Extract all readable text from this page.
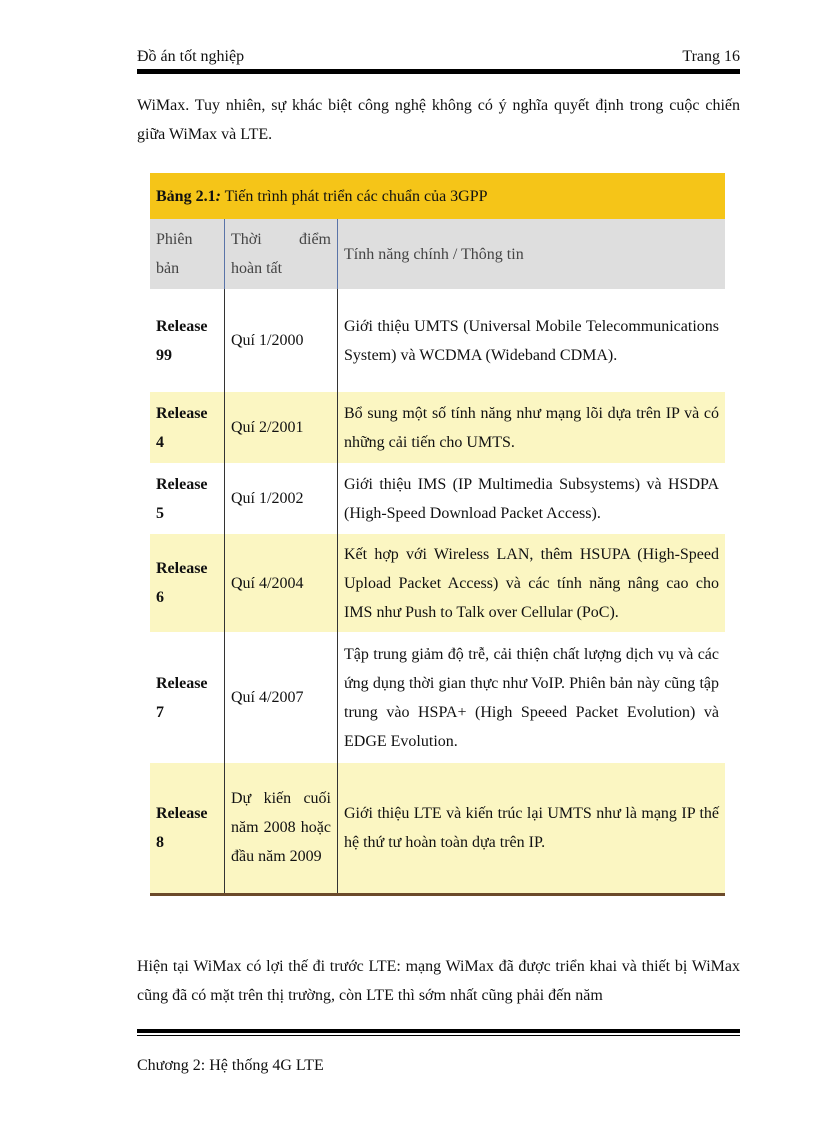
Đồ án tốt nghiệp	Trang 16
WiMax. Tuy nhiên, sự khác biệt công nghệ không có ý nghĩa quyết định trong cuộc chiến giữa WiMax và LTE.
Bảng 2.1: Tiến trình phát triển các chuẩn của 3GPP		
Phiên bản	Thời điểm hoàn tất	Tính năng chính / Thông tin
Release 99	Quí 1/2000	Giới thiệu UMTS (Universal Mobile Telecommunications System) và WCDMA (Wideband CDMA).
Release 4	Quí 2/2001	Bổ sung một số tính năng như mạng lõi dựa trên IP và có những cải tiến cho UMTS.
Release 5	Quí 1/2002	Giới thiệu IMS (IP Multimedia Subsystems) và HSDPA (High-Speed Download Packet Access).
Release 6	Quí 4/2004	Kết hợp với Wireless LAN, thêm HSUPA (High-Speed Upload Packet Access) và các tính năng nâng cao cho IMS như Push to Talk over Cellular (PoC).
Release 7	Quí 4/2007	Tập trung giảm độ trễ, cải thiện chất lượng dịch vụ và các ứng dụng thời gian thực như VoIP. Phiên bản này cũng tập trung vào HSPA+ (High Speeed Packet Evolution) và EDGE Evolution.
Release 8	Dự kiến cuối năm 2008 hoặc đầu năm 2009	Giới thiệu LTE và kiến trúc lại UMTS như là mạng IP thế hệ thứ tư hoàn toàn dựa trên IP.
Hiện tại WiMax có lợi thế đi trước LTE: mạng WiMax đã được triển khai và thiết bị WiMax cũng đã có mặt trên thị trường, còn LTE thì sớm nhất cũng phải đến năm
Chương 2: Hệ thống 4G LTE
